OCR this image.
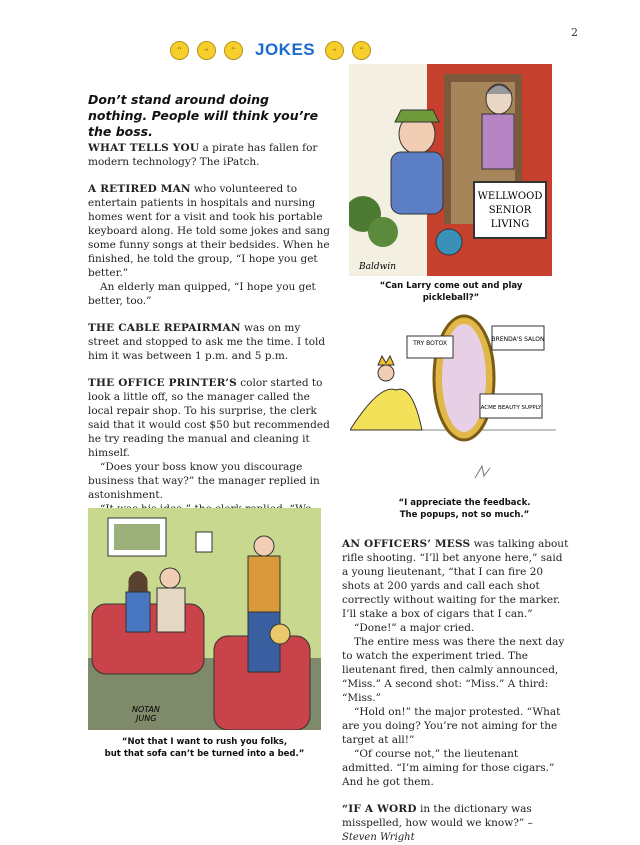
2
ᵔ	ᵕ	ᵔ	JOKES	ᵕ	ᵔ
Don’t stand around doing nothing. People will think you’re the boss.

WHAT TELLS YOU a pirate has fallen for modern technology? The iPatch.

A RETIRED MAN who volunteered to entertain patients in hospitals and nursing homes went for a visit and took his portable keyboard along. He told some jokes and sang some funny songs at their bedsides. When he finished, he told the group, “I hope you get better.”

An elderly man quipped, “I hope you get better, too.”

THE CABLE REPAIRMAN was on my street and stopped to ask me the time. I told him it was between 1 p.m. and 5 p.m.

THE OFFICE PRINTER’S color started to look a little off, so the manager called the local repair shop. To his surprise, the clerk said that it would cost $50 but recommended he try reading the manual and cleaning it himself.

“Does your boss know you discourage business that way?” the manager replied in astonishment.

AN OFFICERS’ MESS was talking about rifle shooting. “I’ll bet anyone here,” said a young lieutenant, “that I can fire 20 shots at 200 yards and call each shot correctly without waiting for the marker. I’ll stake a box of cigars that I can.”

“Done!” a major cried.

The entire mess was there the next day to watch the experiment tried. The lieutenant fired, then calmly announced, “Miss.” A second shot: “Miss.” A third: “Miss.”

“Hold on!” the major protested. “What are you doing? You’re not aiming for the target at all!”

“Of course not,” the lieutenant admitted. “I’m aiming for those cigars.” And he got them.

“IF A WORD in the dictionary was misspelled, how would we know?” – Steven Wright

WELLWOOD
SENIOR
LIVING
Baldwin
“Can Larry come out and play pickleball?”
TRY BOTOX
BRENDA'S SALON
ACME BEAUTY SUPPLY
“I appreciate the feedback.
The popups, not so much.”
NOTAN
JUNG
“Not that I want to rush you folks,
but that sofa can’t be turned into a bed.”
